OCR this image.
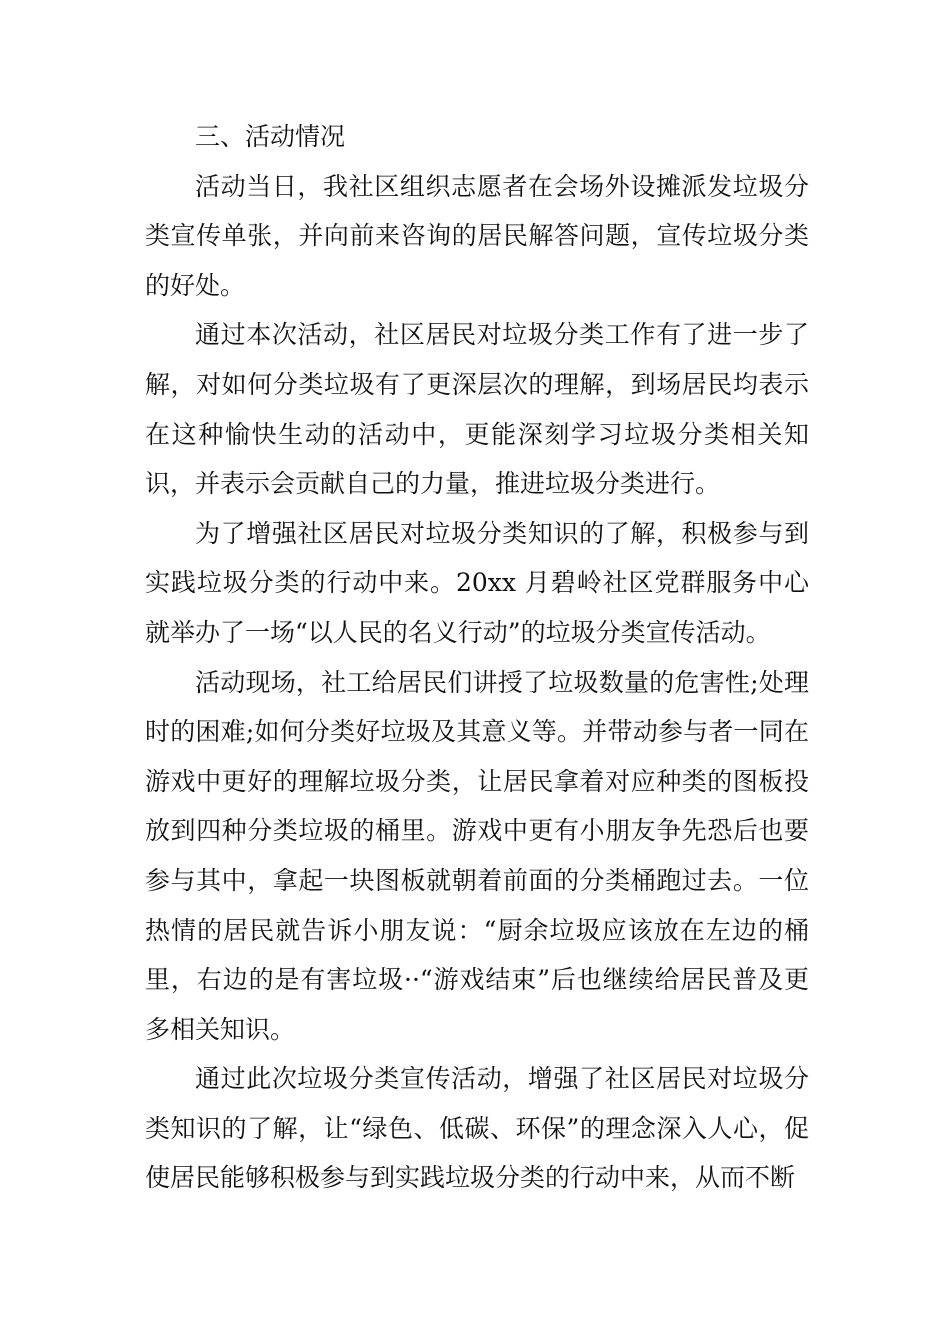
三、活动情况

活动当日，我社区组织志愿者在会场外设摊派发垃圾分类宣传单张，并向前来咨询的居民解答问题，宣传垃圾分类的好处。

通过本次活动，社区居民对垃圾分类工作有了进一步了解，对如何分类垃圾有了更深层次的理解，到场居民均表示在这种愉快生动的活动中，更能深刻学习垃圾分类相关知识，并表示会贡献自己的力量，推进垃圾分类进行。

为了增强社区居民对垃圾分类知识的了解，积极参与到实践垃圾分类的行动中来。20xx 月碧岭社区党群服务中心就举办了一场“以人民的名义行动”的垃圾分类宣传活动。

活动现场，社工给居民们讲授了垃圾数量的危害性;处理时的困难;如何分类好垃圾及其意义等。并带动参与者一同在游戏中更好的理解垃圾分类，让居民拿着对应种类的图板投放到四种分类垃圾的桶里。游戏中更有小朋友争先恐后也要参与其中，拿起一块图板就朝着前面的分类桶跑过去。一位热情的居民就告诉小朋友说：“厨余垃圾应该放在左边的桶里，右边的是有害垃圾··“游戏结束”后也继续给居民普及更多相关知识。

通过此次垃圾分类宣传活动，增强了社区居民对垃圾分类知识的了解，让“绿色、低碳、环保”的理念深入人心，促使居民能够积极参与到实践垃圾分类的行动中来，从而不断
